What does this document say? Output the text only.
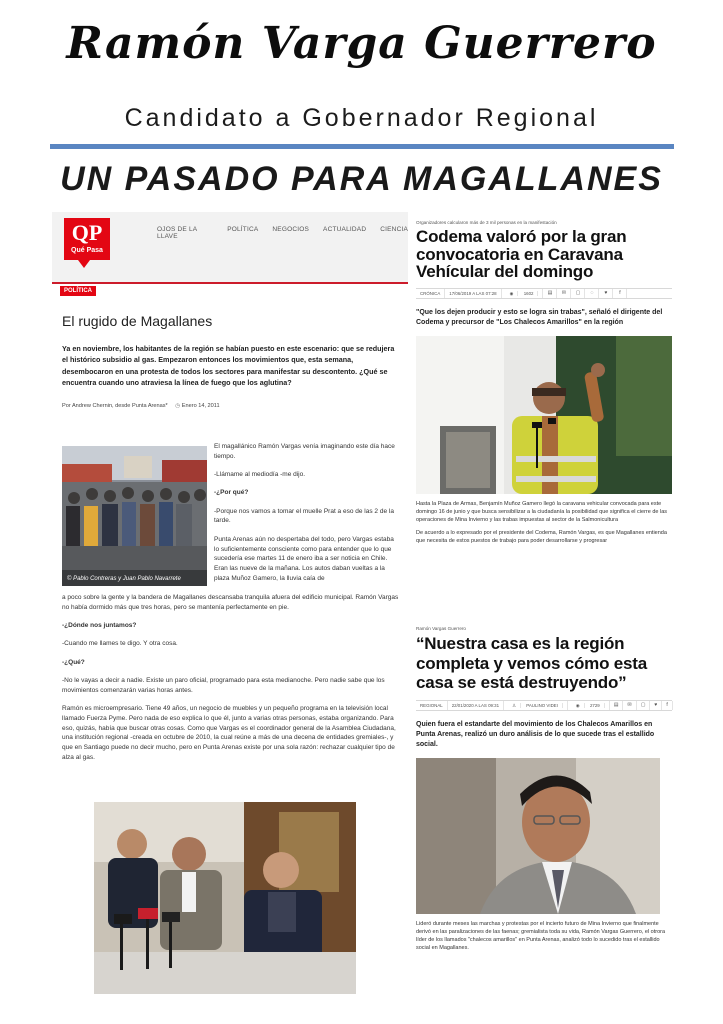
Ramón Varga Guerrero
Candidato a Gobernador Regional
UN PASADO PARA MAGALLANES
QP
Qué Pasa
OJOS DE LA LLAVE
POLÍTICA NEGOCIOS ACTUALIDAD CIENCIA
POLÍTICA
El rugido de Magallanes
Ya en noviembre, los habitantes de la región se habían puesto en este escenario: que se redujera el histórico subsidio al gas. Empezaron entonces los movimientos que, esta semana, desembocaron en una protesta de todos los sectores para manifestar su descontento. ¿Qué se encuentra cuando uno atraviesa la línea de fuego que los aglutina?
Por Andrew Chernin, desde Punta Arenas* ◷ Enero 14, 2011
© Pablo Contreras y Juan Pablo Navarrete

El magallánico Ramón Vargas venía imaginando este día hace tiempo.

-Llámame al mediodía -me dijo.

-¿Por qué?

-Porque nos vamos a tomar el muelle Prat a eso de las 2 de la tarde.

Punta Arenas aún no despertaba del todo, pero Vargas estaba lo suficientemente consciente como para entender que lo que sucedería ese martes 11 de enero iba a ser noticia en Chile. Eran las nueve de la mañana. Los autos daban vueltas a la plaza Muñoz Gamero, la lluvia caía de

a poco sobre la gente y la bandera de Magallanes descansaba tranquila afuera del edificio municipal. Ramón Vargas no había dormido más que tres horas, pero se mantenía perfectamente en pie.

-¿Dónde nos juntamos?

-Cuando me llames te digo. Y otra cosa.

-¿Qué?

-No le vayas a decir a nadie. Existe un paro oficial, programado para esta medianoche. Pero nadie sabe que los movimientos comenzarán varias horas antes.

Ramón es microempresario. Tiene 49 años, un negocio de muebles y un pequeño programa en la televisión local llamado Fuerza Pyme. Pero nada de eso explica lo que él, junto a varias otras personas, estaba organizando. Para eso, quizás, había que buscar otras cosas. Como que Vargas es el coordinador general de la Asamblea Ciudadana, una institución regional -creada en octubre de 2010, la cual reúne a más de una decena de entidades gremiales-, y que en Santiago puede no decir mucho, pero en Punta Arenas existe por una sola razón: rechazar cualquier tipo de alza al gas.

Organizadores calcularon más de 3 mil personas en la manifestación
Codema valoró por la gran convocatoria en Caravana Vehícular del domingo
CRÓNICA	17/06/2019 A LAS 07:28	◉ 1602	▤	✉	▢	◌	♥	f
"Que los dejen producir y esto se logra sin trabas", señaló el dirigente del Codema y precursor de "Los Chalecos Amarillos" en la región
Hasta la Plaza de Armas, Benjamín Muñoz Gamero llegó la caravana vehicular convocada para este domingo 16 de junio y que busca sensibilizar a la ciudadanía la posibilidad que significa el cierre de las operaciones de Mina Invierno y las trabas impuestas al sector de la Salmonicultura
De acuerdo a lo expresado por el presidente del Codema, Ramón Vargas, es que Magallanes entienda que necesita de estos puestos de trabajo para poder desarrollarse y progresar
Ramón Vargas Guerrero
“Nuestra casa es la región completa y vemos cómo esta casa se está destruyendo”
REGIONAL	22/01/2020 A LAS 09:31	♙ PAULINO VIDEI	◉ 2729	▤	✉	▢	♥	f
Quien fuera el estandarte del movimiento de los Chalecos Amarillos en Punta Arenas, realizó un duro análisis de lo que sucede tras el estallido social.
Lideró durante meses las marchas y protestas por el incierto futuro de Mina Invierno que finalmente derivó en las paralizaciones de las faenas; gremialista toda su vida, Ramón Vargas Guerrero, el otrora líder de los llamados "chalecos amarillos" en Punta Arenas, analizó todo lo sucedido tras el estallido social en Magallanes.
